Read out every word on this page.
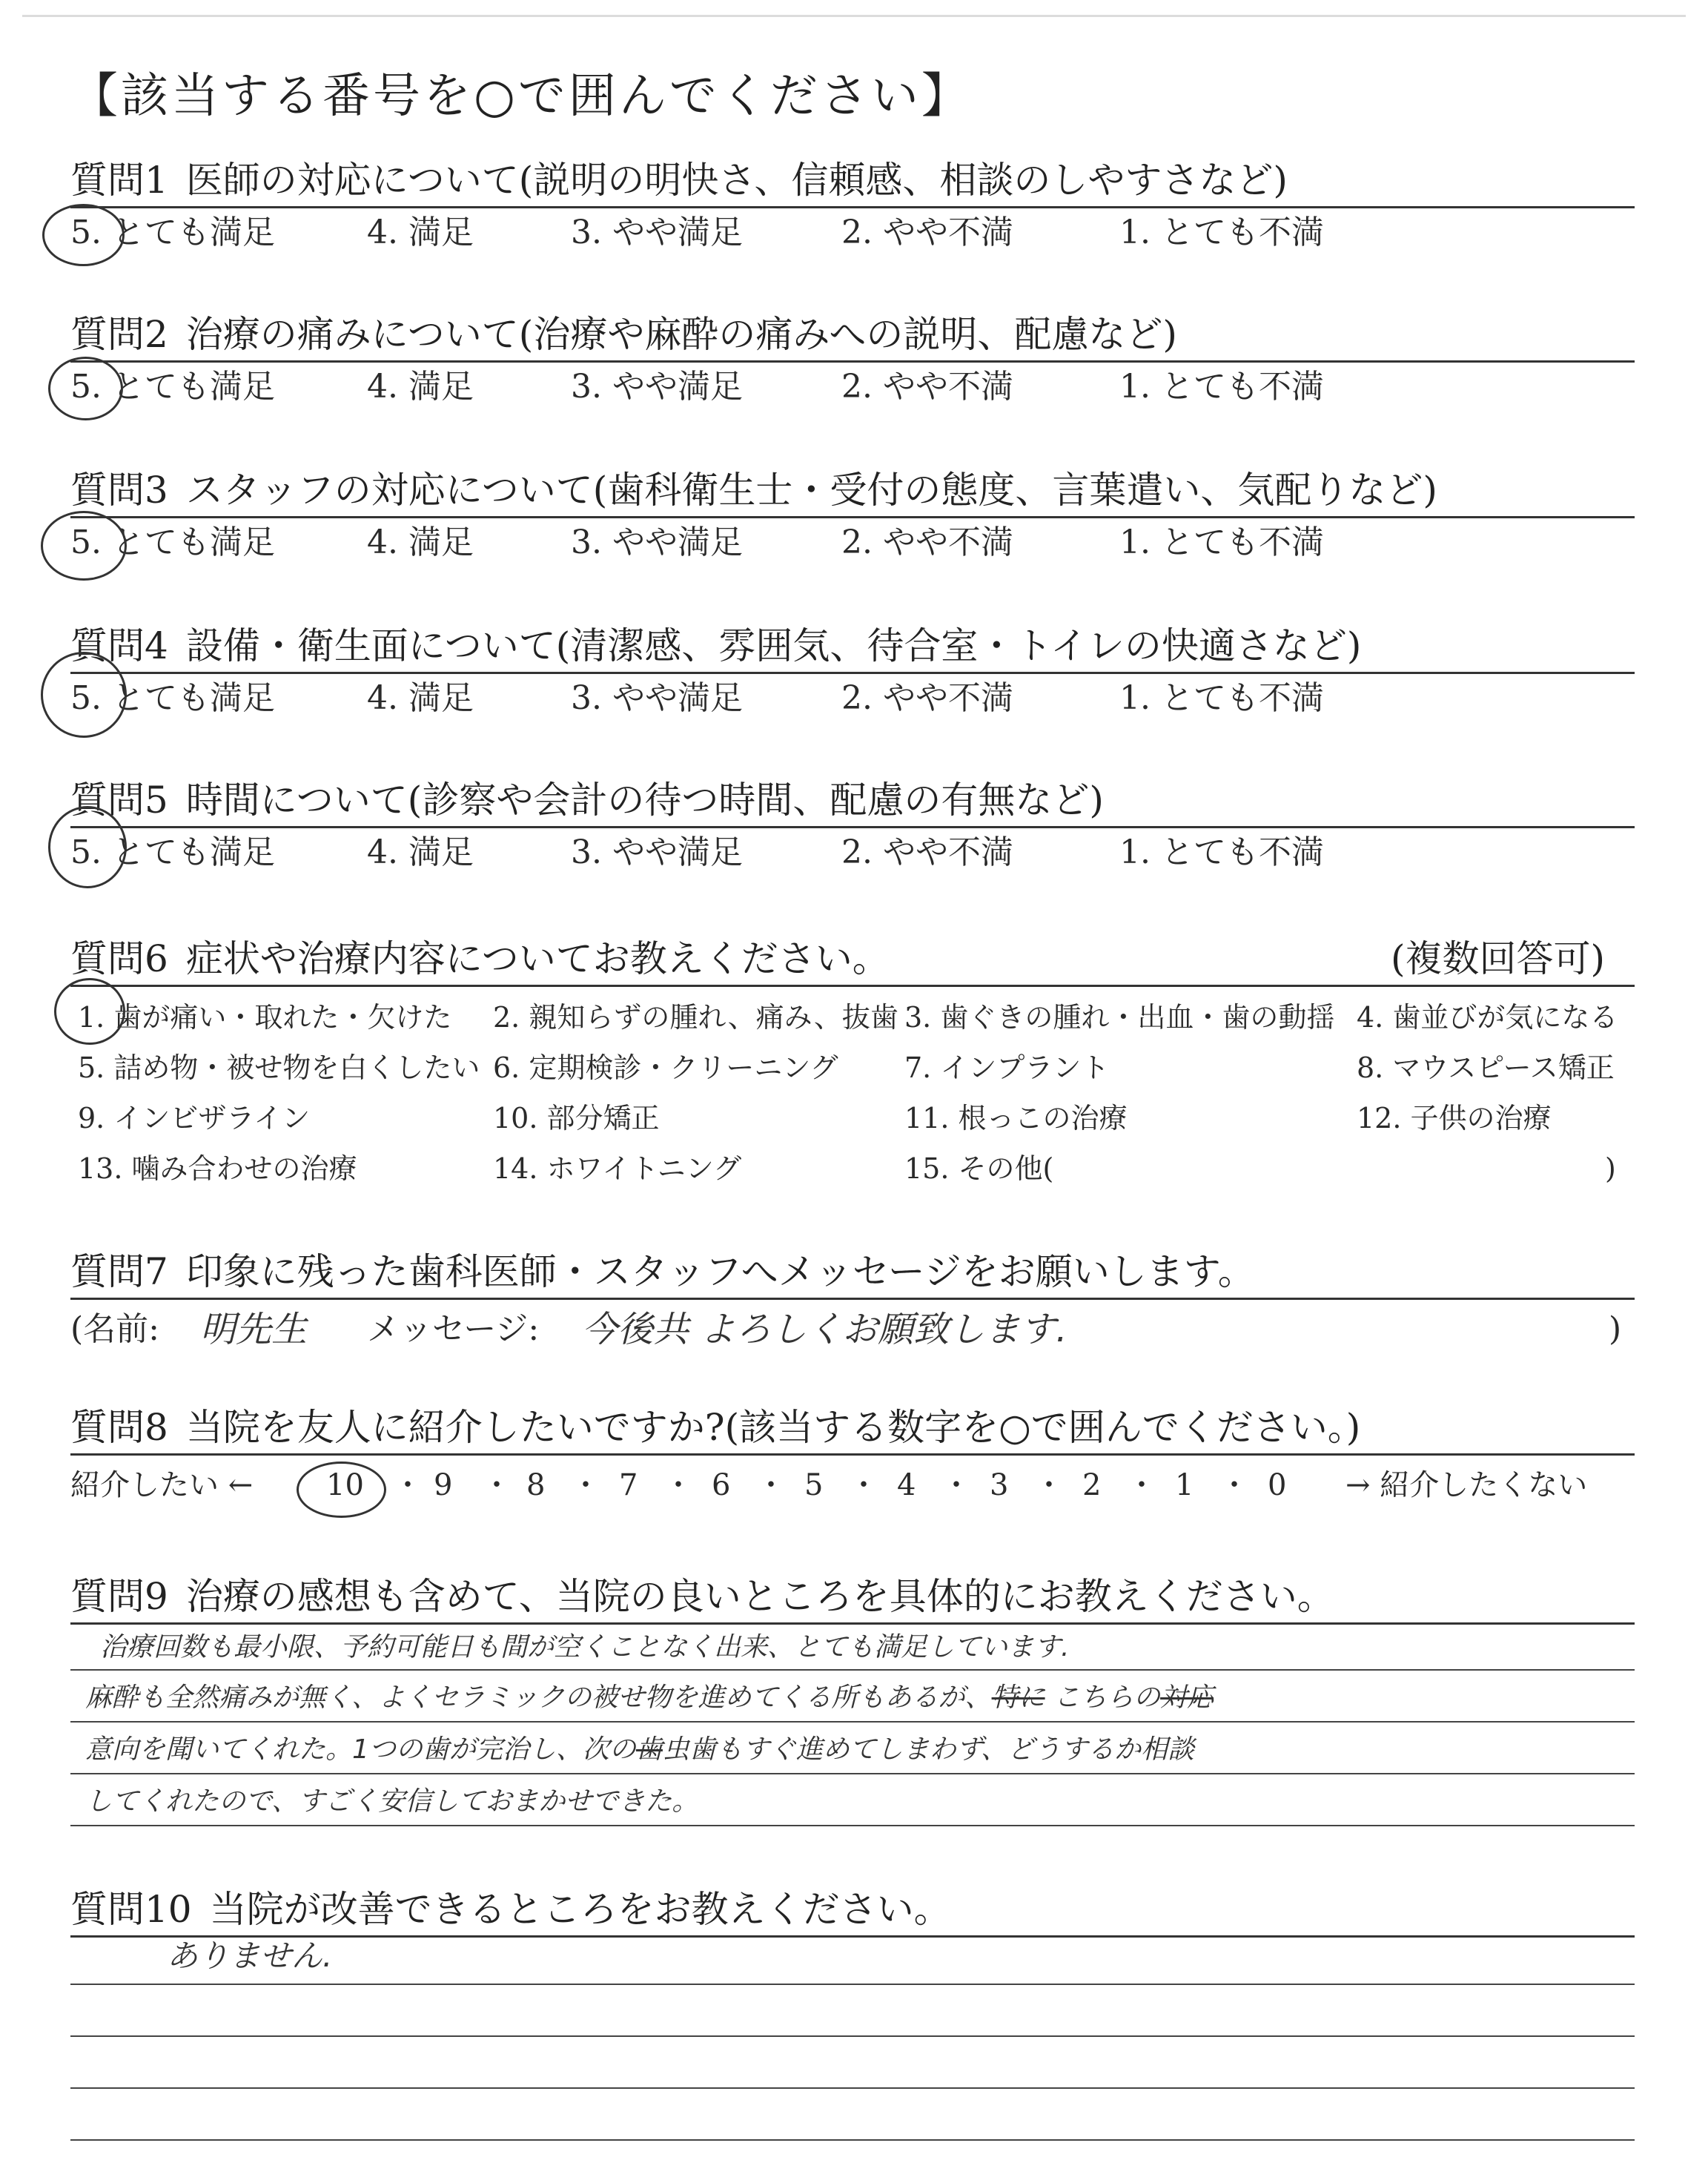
【該当する番号を○で囲んでください】
質問1 医師の対応について(説明の明快さ、信頼感、相談のしやすさなど)
5. とても満足	4. 満足	3. やや満足	2. やや不満	1. とても不満
質問2 治療の痛みについて(治療や麻酔の痛みへの説明、配慮など)
5. とても満足	4. 満足	3. やや満足	2. やや不満	1. とても不満
質問3 スタッフの対応について(歯科衛生士・受付の態度、言葉遣い、気配りなど)
5. とても満足	4. 満足	3. やや満足	2. やや不満	1. とても不満
質問4 設備・衛生面について(清潔感、雰囲気、待合室・トイレの快適さなど)
5. とても満足	4. 満足	3. やや満足	2. やや不満	1. とても不満
質問5 時間について(診察や会計の待つ時間、配慮の有無など)
5. とても満足	4. 満足	3. やや満足	2. やや不満	1. とても不満
質問6 症状や治療内容についてお教えください。	(複数回答可)
1. 歯が痛い・取れた・欠けた 2. 親知らずの腫れ、痛み、抜歯 3. 歯ぐきの腫れ・出血・歯の動揺 4. 歯並びが気になる
5. 詰め物・被せ物を白くしたい 6. 定期検診・クリーニング 7. インプラント	8. マウスピース矯正
9. インビザライン	10. 部分矯正	11. 根っこの治療	12. 子供の治療
13. 噛み合わせの治療	14. ホワイトニング	15. その他(	)
質問7 印象に残った歯科医師・スタッフへメッセージをお願いします。
(名前: 明先生 メッセージ: 今後共 よろしくお願致します.	)
質問8 当院を友人に紹介したいですか?(該当する数字を○で囲んでください。)
紹介したい ← 10 ・ 9 ・ 8 ・ 7 ・ 6 ・ 5 ・ 4 ・ 3 ・ 2 ・ 1 ・ 0 → 紹介したくない
質問9 治療の感想も含めて、当院の良いところを具体的にお教えください。
治療回数も最小限、予約可能日も間が空くことなく出来、とても満足しています.
麻酔も全然痛みが無く、よくセラミックの被せ物を進めてくる所もあるが、特に こちらの対応
意向を聞いてくれた。1つの歯が完治し、次の歯虫歯もすぐ進めてしまわず、どうするか相談
してくれたので、すごく安信しておまかせできた。
質問10 当院が改善できるところをお教えください。
ありません.
